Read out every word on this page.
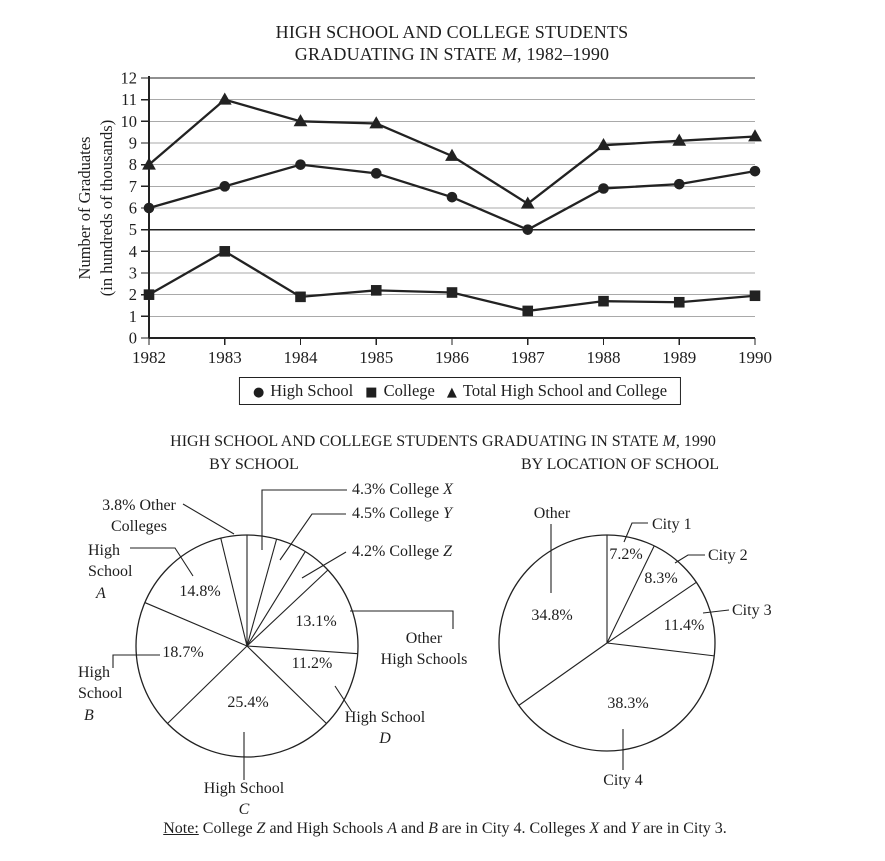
HIGH SCHOOL AND COLLEGE STUDENTS
GRADUATING IN STATE M, 1982–1990
0
1
2
3
4
5
6
7
8
9
10
11
12
1982 1983 1984 1985 1986 1987 1988 1989 1990
Number of Graduates (in hundreds of thousands)
13.1%
11.2%
25.4%
18.7%
14.8%
4.3% College X
4.5% College Y
4.2% College Z
3.8% Other
Colleges
High
School
A
High
School
B
High School
C
High School
D
Other
High Schools
7.2%
8.3%
11.4%
38.3%
34.8%
Other
City 1
City 2
City 3
City 4
● High School ■ College ▲ Total High School and College
HIGH SCHOOL AND COLLEGE STUDENTS GRADUATING IN STATE M, 1990
BY SCHOOL	BY LOCATION OF SCHOOL
Note: College Z and High Schools A and B are in City 4. Colleges X and Y are in City 3.
